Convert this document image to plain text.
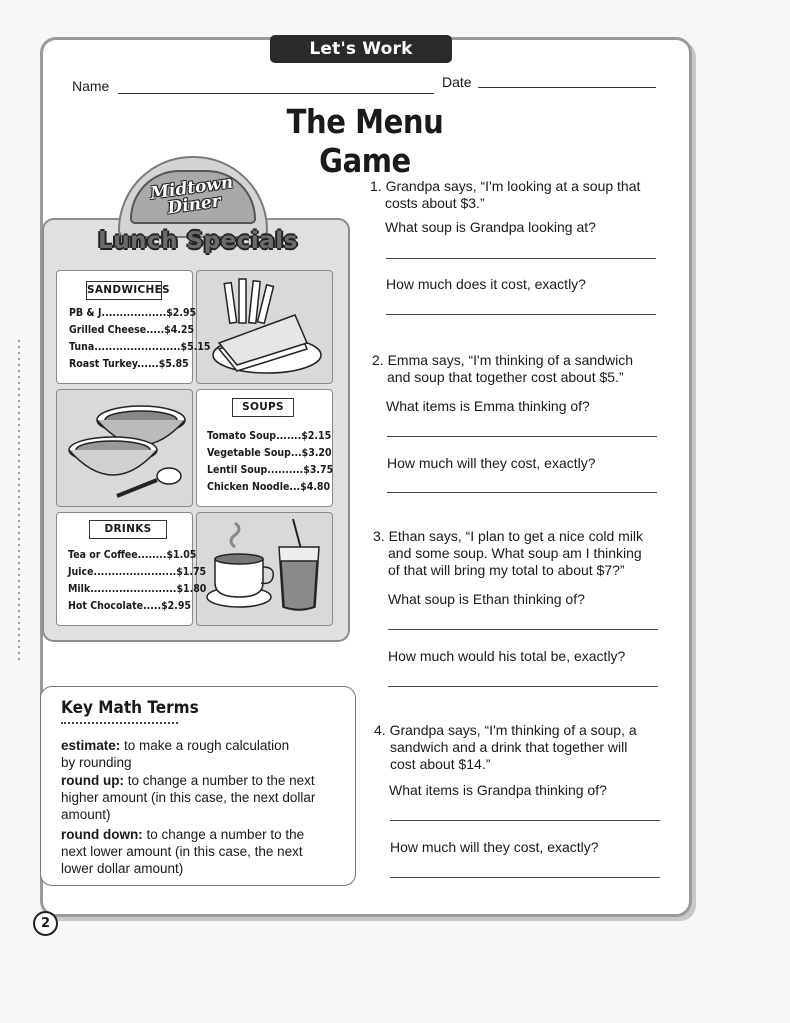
Let's Work Together
Name	Date
The Menu Game
Midtown Diner
Lunch Specials
SANDWICHES
PB & J..................$2.95
Grilled Cheese.....$4.25
Tuna........................$5.15
Roast Turkey......$5.85
SOUPS
Tomato Soup.......$2.15
Vegetable Soup...$3.20
Lentil Soup..........$3.75
Chicken Noodle...$4.80
DRINKS
Tea or Coffee........$1.05
Juice.......................$1.75
Milk........................$1.80
Hot Chocolate.....$2.95
1. Grandpa says, “I'm looking at a soup that
costs about $3.”
What soup is Grandpa looking at?
How much does it cost, exactly?
2. Emma says, “I'm thinking of a sandwich
and soup that together cost about $5.”
What items is Emma thinking of?
How much will they cost, exactly?
3. Ethan says, “I plan to get a nice cold milk
and some soup. What soup am I thinking
of that will bring my total to about $7?”
What soup is Ethan thinking of?
How much would his total be, exactly?
4. Grandpa says, “I'm thinking of a soup, a
sandwich and a drink that together will
cost about $14.”
What items is Grandpa thinking of?
How much will they cost, exactly?
Key Math Terms
estimate: to make a rough calculation
by rounding
round up: to change a number to the next
higher amount (in this case, the next dollar
amount)
round down: to change a number to the
next lower amount (in this case, the next
lower dollar amount)
2
